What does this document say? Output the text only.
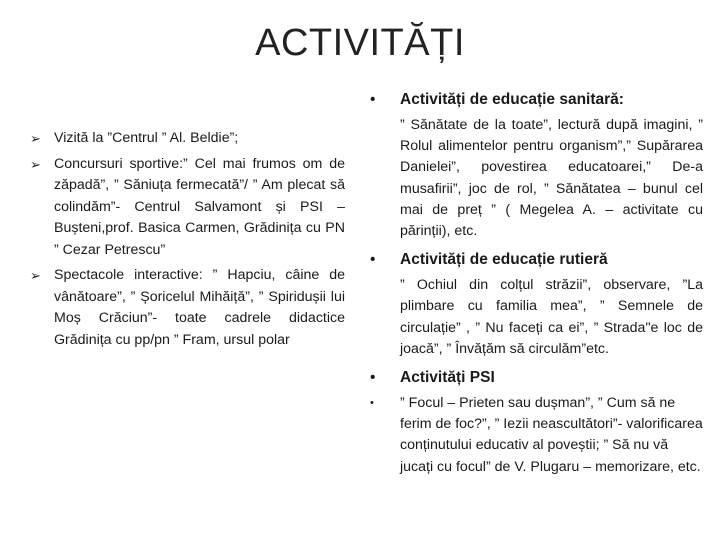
ACTIVITĂȚI
➢ Vizită la ”Centrul ” Al. Beldie”;
➢ Concursuri sportive:” Cel mai frumos om de zăpadă”, ” Săniuța fermecată”/ ” Am plecat să colindăm”- Centrul Salvamont și PSI – Bușteni,prof. Basica Carmen, Grădinița cu PN ” Cezar Petrescu”
➢ Spectacole interactive: ” Hapciu, câine de vânătoare”, ” Șoricelul Mihăiță”, ” Spiridușii lui Moș Crăciun”- toate cadrele didactice Grădinița cu pp/pn ” Fram, ursul polar
• Activități de educație sanitară:
” Sănătate de la toate”, lectură după imagini, ” Rolul alimentelor pentru organism”,” Supărarea Danielei”, povestirea educatoarei,” De-a musafirii”, joc de rol, ” Sănătatea – bunul cel mai de preț ” ( Megelea A. – activitate cu părinții), etc.
• Activități de educație rutieră
” Ochiul din colțul străzii”, observare, ”La plimbare cu familia mea”, ” Semnele de circulație” , ” Nu faceți ca ei”, ” Strada"e loc de joacă”, ” Învățăm să circulăm”etc.
• Activități PSI
• ” Focul – Prieten sau dușman”, ” Cum să ne ferim de foc?”, ” Iezii neascultători”- valorificarea conținutului educativ al poveștii; ” Să nu vă jucați cu focul” de V. Plugaru – memorizare, etc.
